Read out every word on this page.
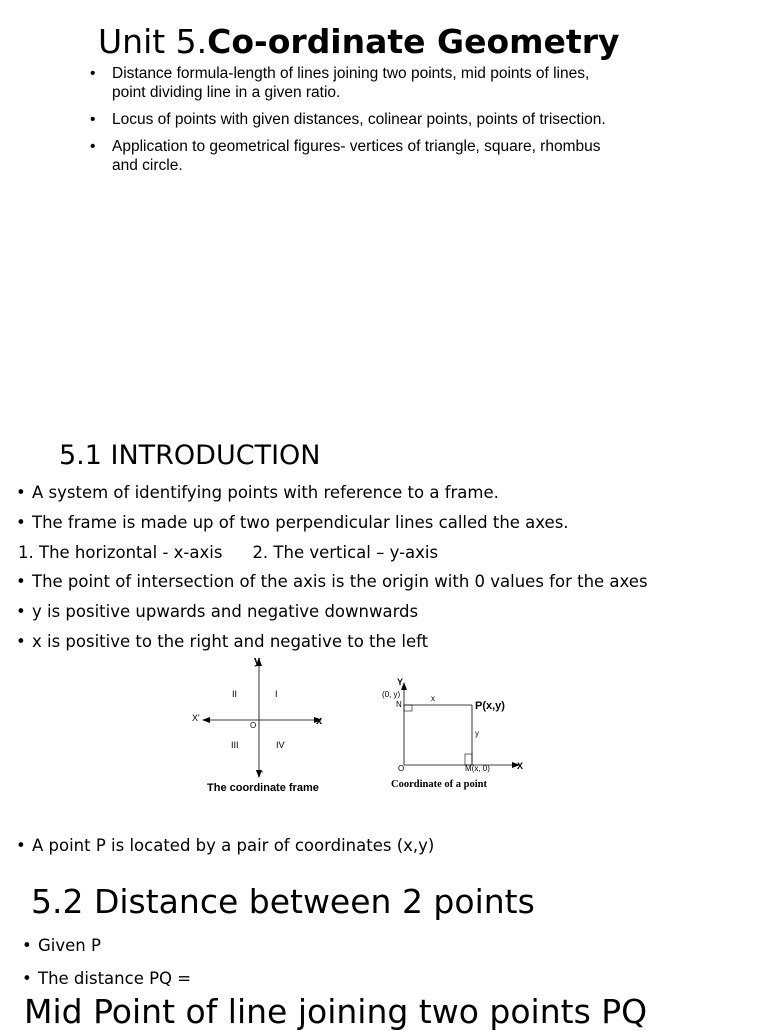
Unit 5.Co-ordinate Geometry
• Distance formula-length of lines joining two points, mid points of lines,
point dividing line in a given ratio.
• Locus of points with given distances, colinear points, points of trisection.
• Application to geometrical figures- vertices of triangle, square, rhombus
and circle.
5.1 INTRODUCTION
• A system of identifying points with reference to a frame.
• The frame is made up of two perpendicular lines called the axes.
1. The horizontal - x-axis 2. The vertical – y-axis
• The point of intersection of the axis is the origin with 0 values for the axes
• y is positive upwards and negative downwards
• x is positive to the right and negative to the left
y
Y'
x
X'
O
I
II
III	IV
The coordinate frame
Y
X
(0, y)
N
x
y
P(x,y)
O	M(x, 0)
Coordinate of a point
• A point P is located by a pair of coordinates (x,y)
5.2 Distance between 2 points
• Given P
• The distance PQ =
Mid Point of line joining two points PQ
